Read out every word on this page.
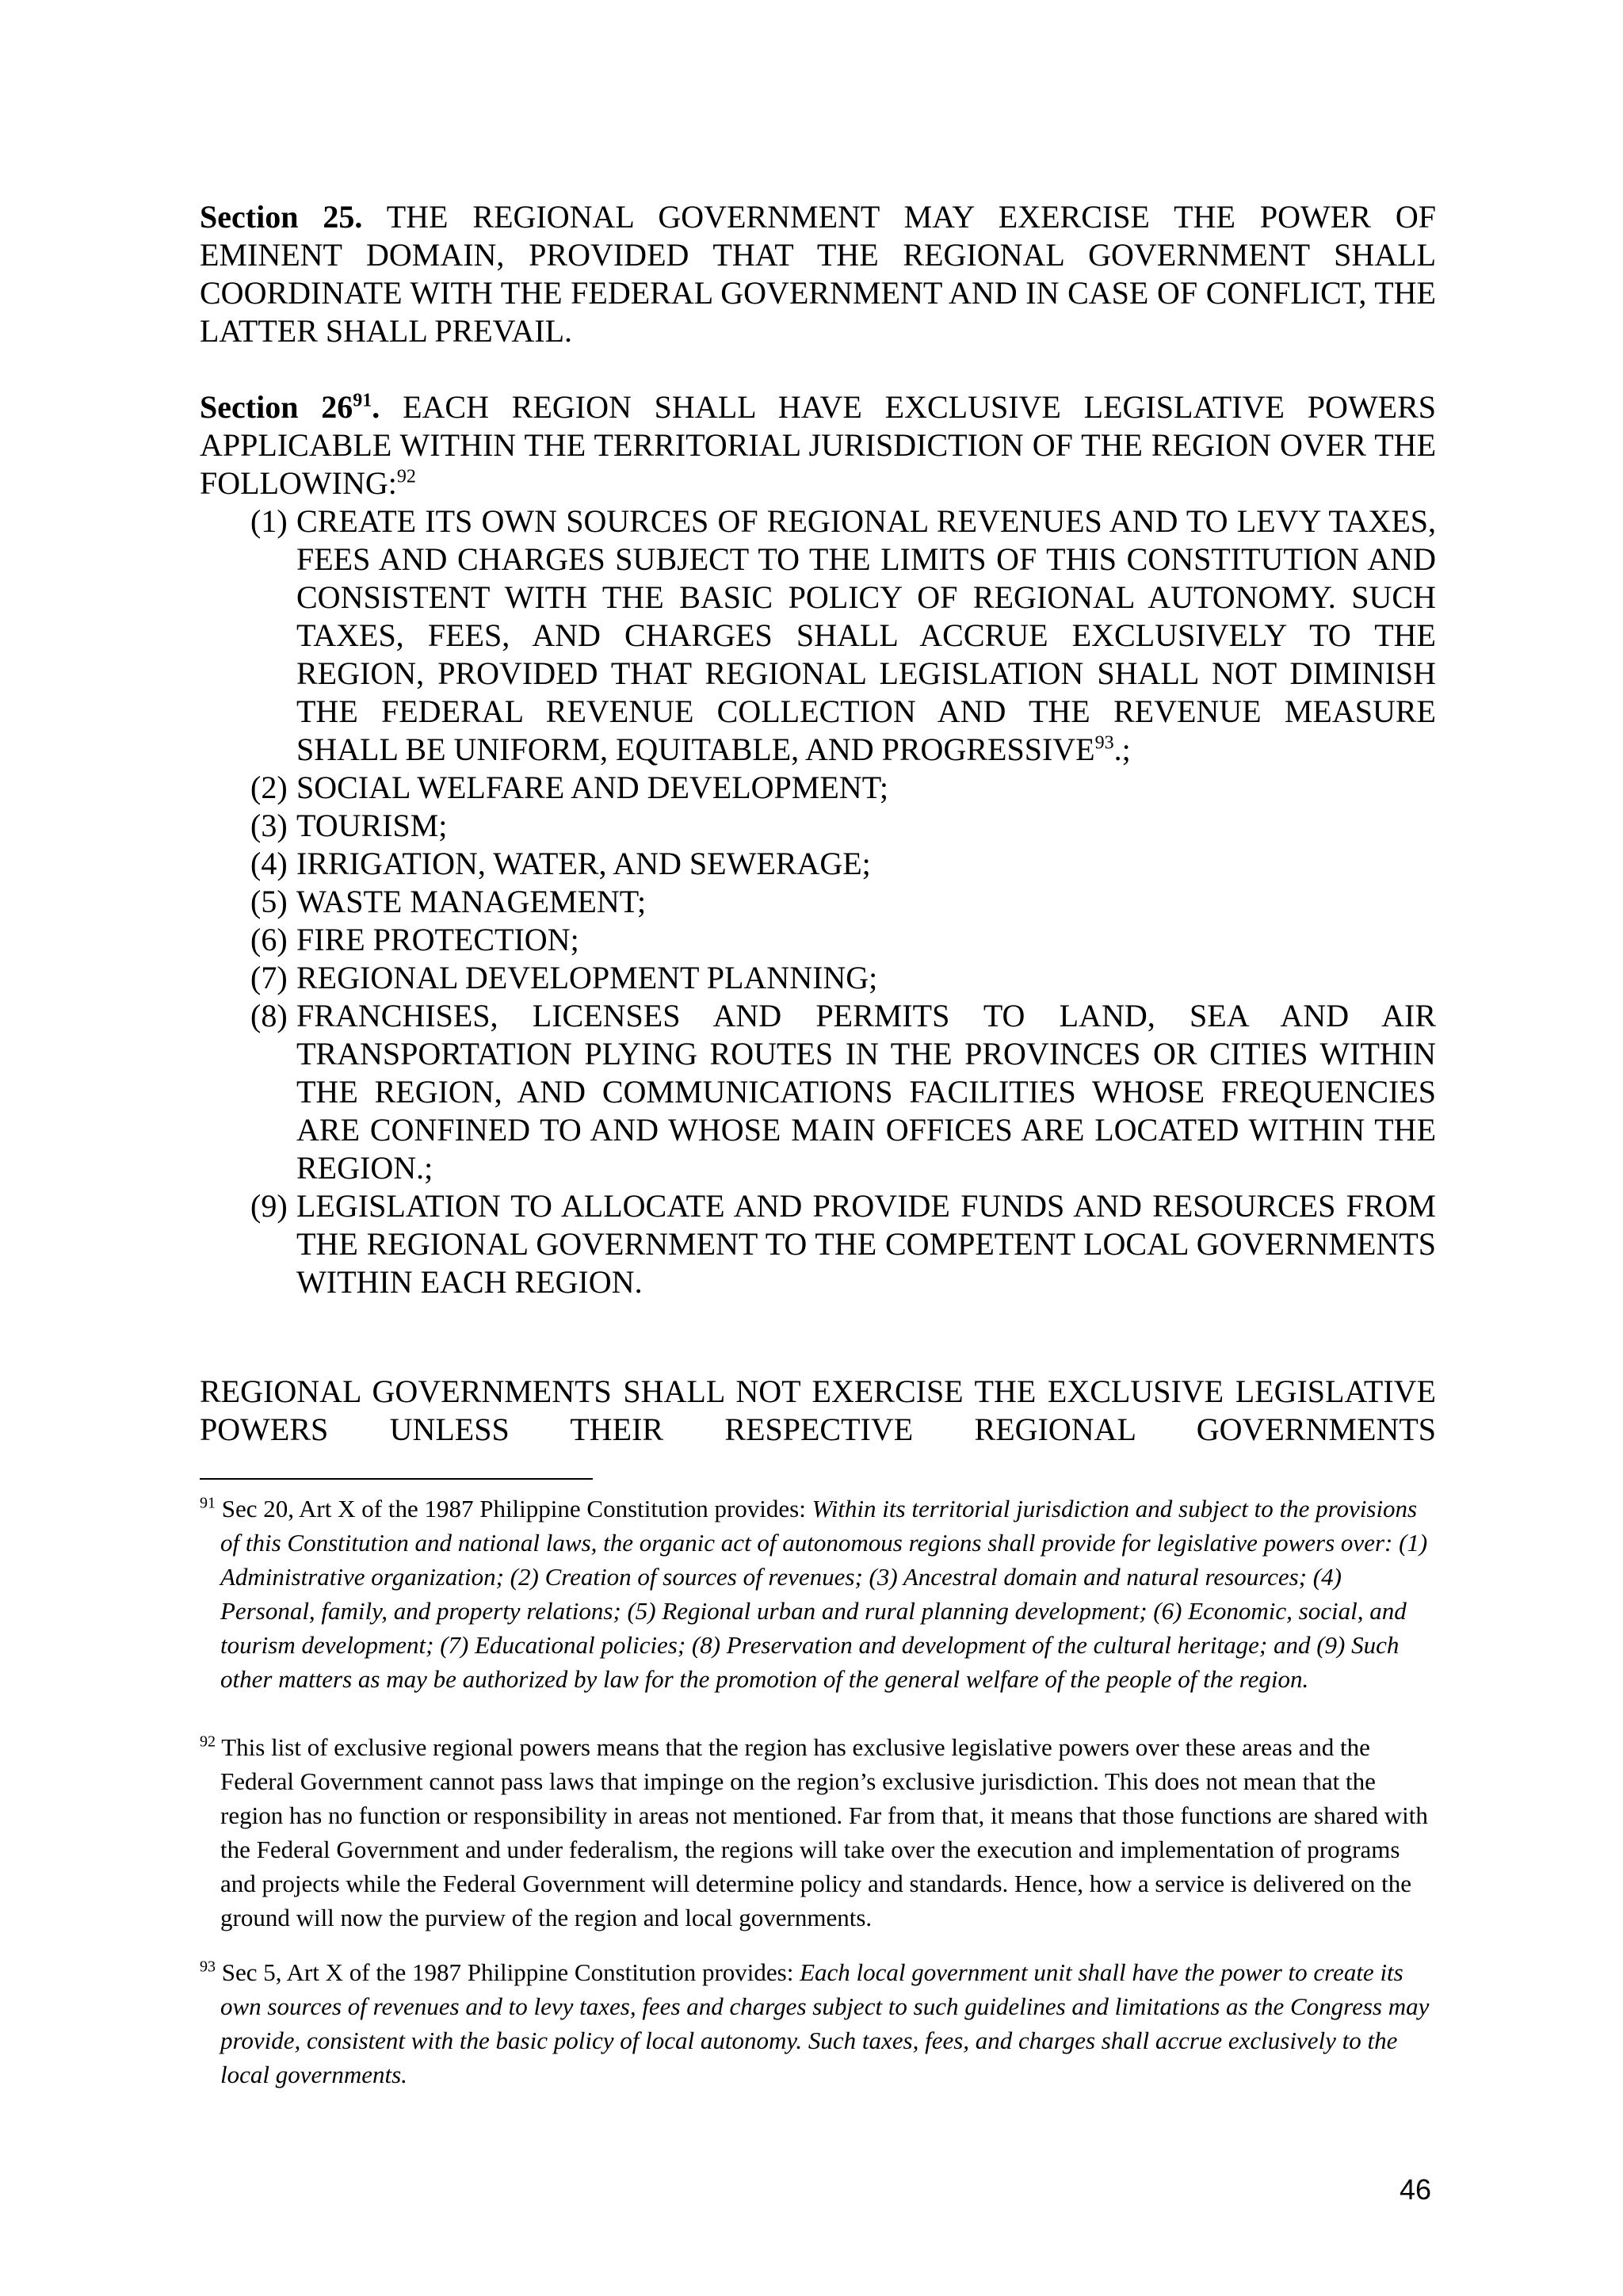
Section 25. THE REGIONAL GOVERNMENT MAY EXERCISE THE POWER OF EMINENT DOMAIN, PROVIDED THAT THE REGIONAL GOVERNMENT SHALL COORDINATE WITH THE FEDERAL GOVERNMENT AND IN CASE OF CONFLICT, THE LATTER SHALL PREVAIL.
Section $26^{91}$. EACH REGION SHALL HAVE EXCLUSIVE LEGISLATIVE POWERS APPLICABLE WITHIN THE TERRITORIAL JURISDICTION OF THE REGION OVER THE FOLLOWING:$^{92}$
(1) CREATE ITS OWN SOURCES OF REGIONAL REVENUES AND TO LEVY TAXES, FEES AND CHARGES SUBJECT TO THE LIMITS OF THIS CONSTITUTION AND CONSISTENT WITH THE BASIC POLICY OF REGIONAL AUTONOMY. SUCH TAXES, FEES, AND CHARGES SHALL ACCRUE EXCLUSIVELY TO THE REGION, PROVIDED THAT REGIONAL LEGISLATION SHALL NOT DIMINISH THE FEDERAL REVENUE COLLECTION AND THE REVENUE MEASURE SHALL BE UNIFORM, EQUITABLE, AND PROGRESSIVE$^{93}$.;
(2) SOCIAL WELFARE AND DEVELOPMENT;
(3) TOURISM;
(4) IRRIGATION, WATER, AND SEWERAGE;
(5) WASTE MANAGEMENT;
(6) FIRE PROTECTION;
(7) REGIONAL DEVELOPMENT PLANNING;
(8) FRANCHISES, LICENSES AND PERMITS TO LAND, SEA AND AIR TRANSPORTATION PLYING ROUTES IN THE PROVINCES OR CITIES WITHIN THE REGION, AND COMMUNICATIONS FACILITIES WHOSE FREQUENCIES ARE CONFINED TO AND WHOSE MAIN OFFICES ARE LOCATED WITHIN THE REGION.;
(9) LEGISLATION TO ALLOCATE AND PROVIDE FUNDS AND RESOURCES FROM THE REGIONAL GOVERNMENT TO THE COMPETENT LOCAL GOVERNMENTS WITHIN EACH REGION.
REGIONAL GOVERNMENTS SHALL NOT EXERCISE THE EXCLUSIVE LEGISLATIVE POWERS UNLESS THEIR RESPECTIVE REGIONAL GOVERNMENTS
$^{91}$ Sec 20, Art X of the 1987 Philippine Constitution provides: Within its territorial jurisdiction and subject to the provisions of this Constitution and national laws, the organic act of autonomous regions shall provide for legislative powers over: (1) Administrative organization; (2) Creation of sources of revenues; (3) Ancestral domain and natural resources; (4) Personal, family, and property relations; (5) Regional urban and rural planning development; (6) Economic, social, and tourism development; (7) Educational policies; (8) Preservation and development of the cultural heritage; and (9) Such other matters as may be authorized by law for the promotion of the general welfare of the people of the region.
$^{92}$ This list of exclusive regional powers means that the region has exclusive legislative powers over these areas and the Federal Government cannot pass laws that impinge on the region’s exclusive jurisdiction. This does not mean that the region has no function or responsibility in areas not mentioned. Far from that, it means that those functions are shared with the Federal Government and under federalism, the regions will take over the execution and implementation of programs and projects while the Federal Government will determine policy and standards. Hence, how a service is delivered on the ground will now the purview of the region and local governments.
$^{93}$ Sec 5, Art X of the 1987 Philippine Constitution provides: Each local government unit shall have the power to create its own sources of revenues and to levy taxes, fees and charges subject to such guidelines and limitations as the Congress may provide, consistent with the basic policy of local autonomy. Such taxes, fees, and charges shall accrue exclusively to the local governments.
46
